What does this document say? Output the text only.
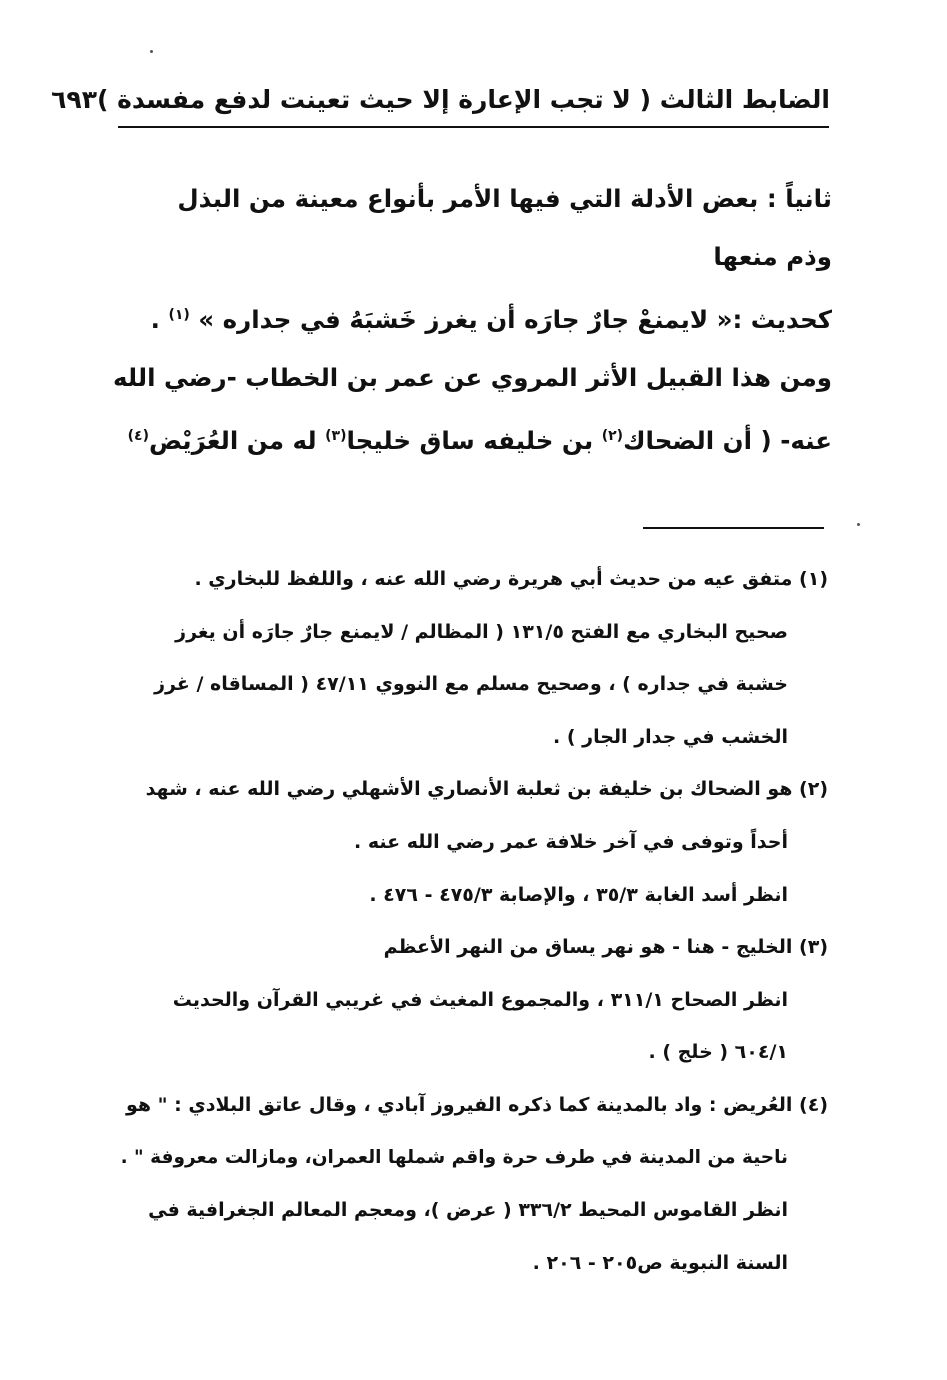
الضابط الثالث ( لا تجب الإعارة إلا حيث تعينت لدفع مفسدة )
٦٩٣

ثانياً : بعض الأدلة التي فيها الأمر بأنواع معينة من البذل

وذم منعها

كحديث :« لايمنعْ جارٌ جارَه أن يغرز خَشبَهُ في جداره » $^{(١)}$ .

ومن هذا القبيل الأثر المروي عن عمر بن الخطاب -رضي الله

عنه- ( أن الضحاك$^{(٢)}$ بن خليفه ساق خليجا$^{(٣)}$ له من العُرَيْض$^{(٤)}$

(١) متفق عيه من حديث أبي هريرة رضي الله عنه ، واللفظ للبخاري .

صحيح البخاري مع الفتح ١٣١/٥ ( المظالم / لايمنع جارٌ جارَه أن يغرز

خشبة في جداره ) ، وصحيح مسلم مع النووي ٤٧/١١ ( المساقاه / غرز

الخشب في جدار الجار ) .

(٢) هو الضحاك بن خليفة بن ثعلبة الأنصاري الأشهلي رضي الله عنه ، شهد

أحداً وتوفى في آخر خلافة عمر رضي الله عنه .

انظر أسد الغابة ٣٥/٣ ، والإصابة ٤٧٥/٣ - ٤٧٦ .

(٣) الخليج - هنا - هو نهر يساق من النهر الأعظم

انظر الصحاح ٣١١/١ ، والمجموع المغيث في غريبي القرآن والحديث

٦٠٤/١ ( خلج ) .

(٤) العُريض : واد بالمدينة كما ذكره الفيروز آبادي ، وقال عاتق البلادي : " هو

ناحية من المدينة في طرف حرة واقم شملها العمران، ومازالت معروفة " .

انظر القاموس المحيط ٣٣٦/٢ ( عرض )، ومعجم المعالم الجغرافية في

السنة النبوية ص٢٠٥ - ٢٠٦ .
